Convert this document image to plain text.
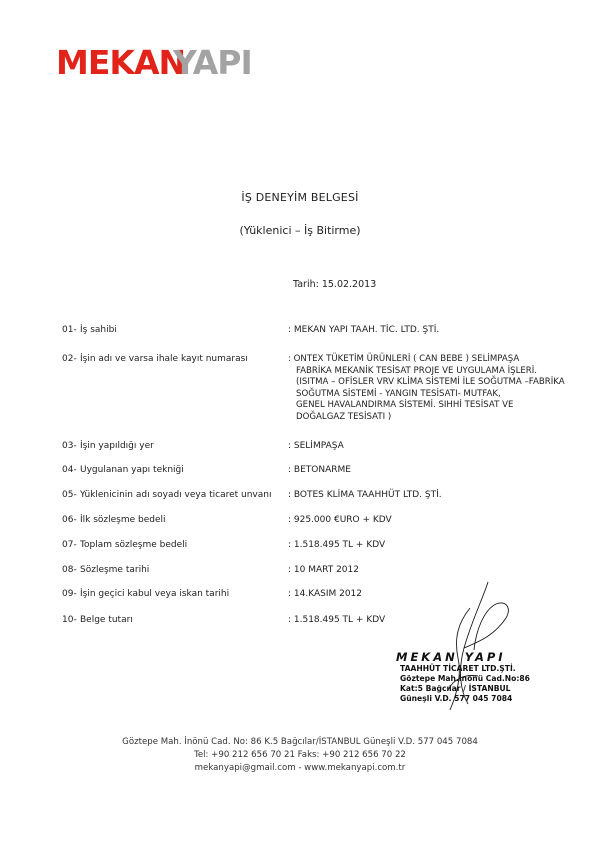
MEKAN
YAPI
İŞ DENEYİM BELGESİ
(Yüklenici – İş Bitirme)
Tarih: 15.02.2013
01- İş sahibi	: MEKAN YAPI TAAH. TİC. LTD. ŞTİ.
02- İşin adı ve varsa ihale kayıt numarası	: ONTEX TÜKETİM ÜRÜNLERİ ( CAN BEBE ) SELİMPAŞA
FABRİKA MEKANİK TESİSAT PROJE VE UYGULAMA İŞLERİ.
(ISITMA – OFİSLER VRV KLİMA SİSTEMİ İLE SOĞUTMA –FABRİKA
SOĞUTMA SİSTEMİ - YANGIN TESİSATI- MUTFAK,
GENEL HAVALANDIRMA SİSTEMİ. SIHHİ TESİSAT VE
DOĞALGAZ TESİSATI )
03- İşin yapıldığı yer	: SELİMPAŞA
04- Uygulanan yapı tekniği	: BETONARME
05- Yüklenicinin adı soyadı veya ticaret unvanı : BOTES KLİMA TAAHHÜT LTD. ŞTİ.
06- İlk sözleşme bedeli	: 925.000 €URO + KDV
07- Toplam sözleşme bedeli	: 1.518.495 TL + KDV
08- Sözleşme tarihi	: 10 MART 2012
09- İşin geçici kabul veya iskan tarihi	: 14.KASIM 2012
10- Belge tutarı	: 1.518.495 TL + KDV
MEKAN YAPI
TAAHHÜT TİCARET LTD.ŞTİ.
Göztepe Mah.İnönü Cad.No:86
Kat:5 Bağcılar / İSTANBUL
Güneşli V.D. 577 045 7084
Göztepe Mah. İnönü Cad. No: 86 K.5 Bağcılar/İSTANBUL Güneşli V.D. 577 045 7084
Tel: +90 212 656 70 21 Faks: +90 212 656 70 22
mekanyapi@gmail.com - www.mekanyapi.com.tr
